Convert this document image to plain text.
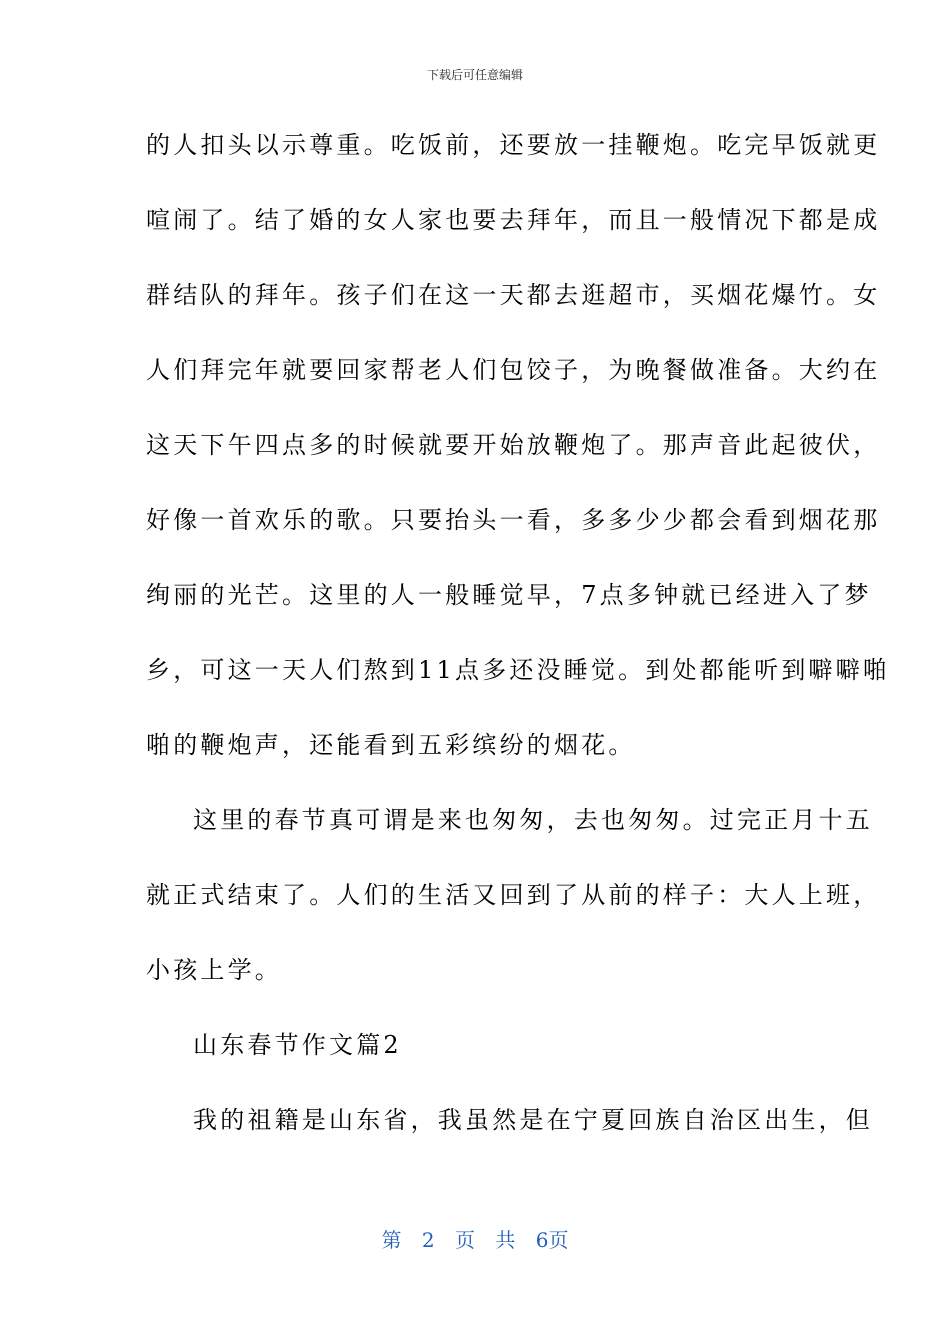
下载后可任意编辑
的人扣头以示尊重。吃饭前，还要放一挂鞭炮。吃完早饭就更
喧闹了。结了婚的女人家也要去拜年，而且一般情况下都是成
群结队的拜年。孩子们在这一天都去逛超市，买烟花爆竹。女
人们拜完年就要回家帮老人们包饺子，为晚餐做准备。大约在
这天下午四点多的时候就要开始放鞭炮了。那声音此起彼伏，
好像一首欢乐的歌。只要抬头一看，多多少少都会看到烟花那
绚丽的光芒。这里的人一般睡觉早，7点多钟就已经进入了梦
乡，可这一天人们熬到11点多还没睡觉。到处都能听到噼噼啪
啪的鞭炮声，还能看到五彩缤纷的烟花。
这里的春节真可谓是来也匆匆，去也匆匆。过完正月十五
就正式结束了。人们的生活又回到了从前的样子：大人上班，
小孩上学。
山东春节作文篇2
我的祖籍是山东省，我虽然是在宁夏回族自治区出生，但
第 2 页 共 6页
